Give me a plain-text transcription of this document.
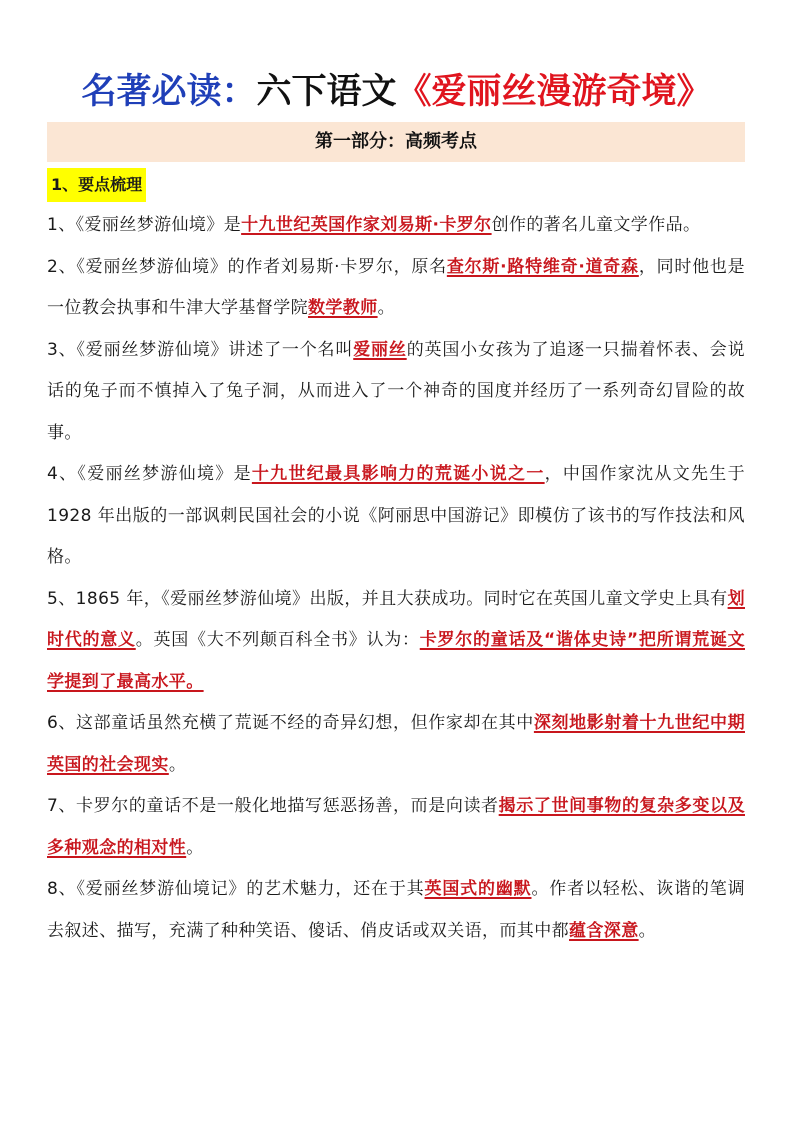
名著必读：六下语文《爱丽丝漫游奇境》
第一部分：高频考点
1、要点梳理

1、《爱丽丝梦游仙境》是十九世纪英国作家刘易斯·卡罗尔创作的著名儿童文学作品。

2、《爱丽丝梦游仙境》的作者刘易斯·卡罗尔，原名查尔斯·路特维奇·道奇森，同时他也是一位教会执事和牛津大学基督学院数学教师。

3、《爱丽丝梦游仙境》讲述了一个名叫爱丽丝的英国小女孩为了追逐一只揣着怀表、会说话的兔子而不慎掉入了兔子洞，从而进入了一个神奇的国度并经历了一系列奇幻冒险的故事。

4、《爱丽丝梦游仙境》是十九世纪最具影响力的荒诞小说之一，中国作家沈从文先生于 1928 年出版的一部讽刺民国社会的小说《阿丽思中国游记》即模仿了该书的写作技法和风格。

5、1865 年，《爱丽丝梦游仙境》出版，并且大获成功。同时它在英国儿童文学史上具有划时代的意义。英国《大不列颠百科全书》认为：卡罗尔的童话及“谐体史诗”把所谓荒诞文学提到了最高水平。

6、这部童话虽然充横了荒诞不经的奇异幻想，但作家却在其中深刻地影射着十九世纪中期英国的社会现实。

7、卡罗尔的童话不是一般化地描写惩恶扬善，而是向读者揭示了世间事物的复杂多变以及多种观念的相对性。

8、《爱丽丝梦游仙境记》的艺术魅力，还在于其英国式的幽默。作者以轻松、诙谐的笔调去叙述、描写，充满了种种笑语、傻话、俏皮话或双关语，而其中都蕴含深意。
